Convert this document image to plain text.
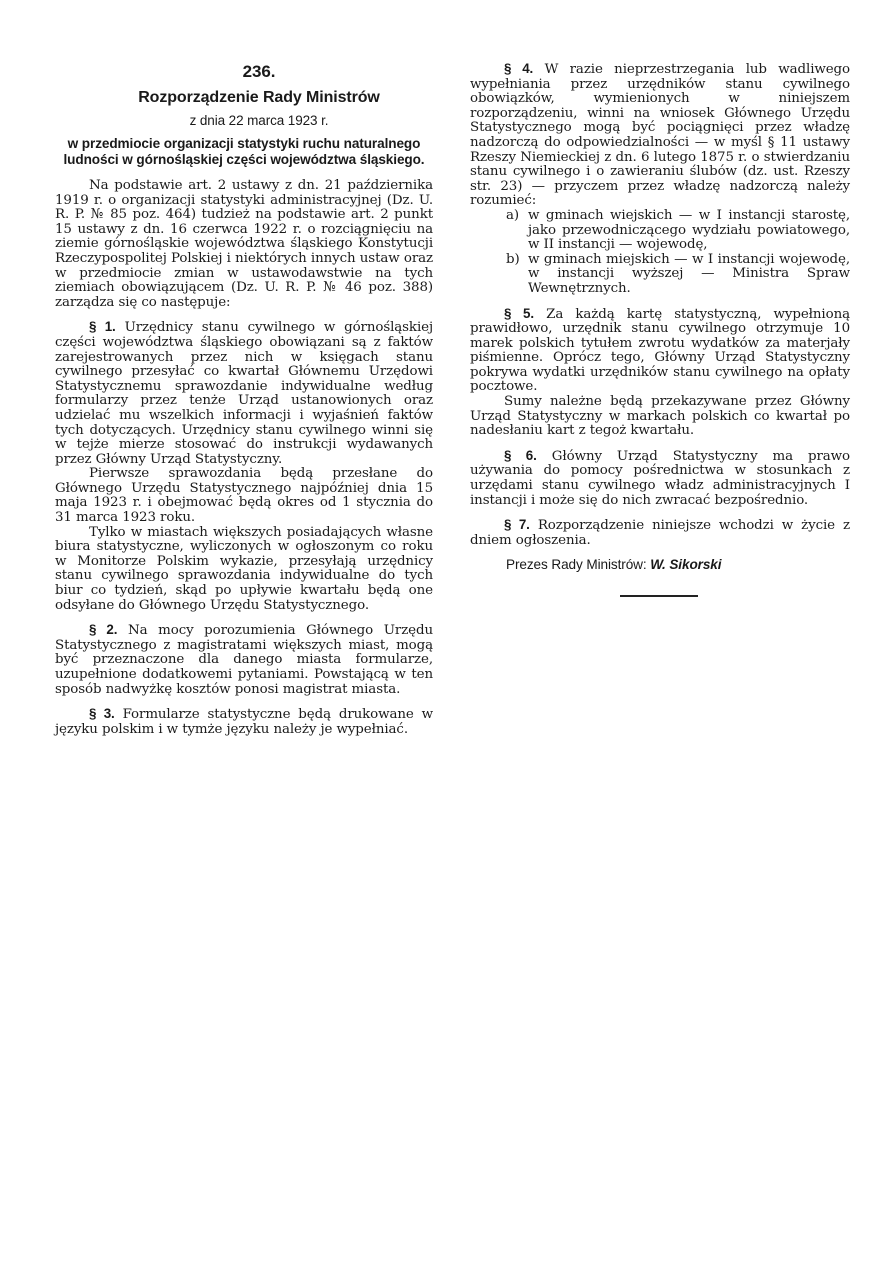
236.
Rozporządzenie Rady Ministrów
z dnia 22 marca 1923 r.
w przedmiocie organizacji statystyki ruchu naturalnego ludności w górnośląskiej części województwa śląskiego.

Na podstawie art. 2 ustawy z dn. 21 października 1919 r. o organizacji statystyki administracyjnej (Dz. U. R. P. № 85 poz. 464) tudzież na podstawie art. 2 punkt 15 ustawy z dn. 16 czerwca 1922 r. o rozciągnięciu na ziemie górnośląskie województwa śląskiego Konstytucji Rzeczypospolitej Polskiej i niektórych innych ustaw oraz w przedmiocie zmian w ustawodawstwie na tych ziemiach obowiązującem (Dz. U. R. P. № 46 poz. 388) zarządza się co następuje:

§ 1. Urzędnicy stanu cywilnego w górnośląskiej części województwa śląskiego obowiązani są z faktów zarejestrowanych przez nich w księgach stanu cywilnego przesyłać co kwartał Głównemu Urzędowi Statystycznemu sprawozdanie indywidualne według formularzy przez tenże Urząd ustanowionych oraz udzielać mu wszelkich informacji i wyjaśnień faktów tych dotyczących. Urzędnicy stanu cywilnego winni się w tejże mierze stosować do instrukcji wydawanych przez Główny Urząd Statystyczny.

Pierwsze sprawozdania będą przesłane do Głównego Urzędu Statystycznego najpóźniej dnia 15 maja 1923 r. i obejmować będą okres od 1 stycznia do 31 marca 1923 roku.

Tylko w miastach większych posiadających własne biura statystyczne, wyliczonych w ogłoszonym co roku w Monitorze Polskim wykazie, przesyłają urzędnicy stanu cywilnego sprawozdania indywidualne do tych biur co tydzień, skąd po upływie kwartału będą one odsyłane do Głównego Urzędu Statystycznego.

§ 2. Na mocy porozumienia Głównego Urzędu Statystycznego z magistratami większych miast, mogą być przeznaczone dla danego miasta formularze, uzupełnione dodatkowemi pytaniami. Powstającą w ten sposób nadwyżkę kosztów ponosi magistrat miasta.

§ 3. Formularze statystyczne będą drukowane w języku polskim i w tymże języku należy je wypełniać.

§ 4. W razie nieprzestrzegania lub wadliwego wypełniania przez urzędników stanu cywilnego obowiązków, wymienionych w niniejszem rozporządzeniu, winni na wniosek Głównego Urzędu Statystycznego mogą być pociągnięci przez władzę nadzorczą do odpowiedzialności — w myśl § 11 ustawy Rzeszy Niemieckiej z dn. 6 lutego 1875 r. o stwierdzaniu stanu cywilnego i o zawieraniu ślubów (dz. ust. Rzeszy str. 23) — przyczem przez władzę nadzorczą należy rozumieć:

a) w gminach wiejskich — w I instancji starostę, jako przewodniczącego wydziału powiatowego, w II instancji — wojewodę,
b) w gminach miejskich — w I instancji wojewodę, w instancji wyższej — Ministra Spraw Wewnętrznych.

§ 5. Za każdą kartę statystyczną, wypełnioną prawidłowo, urzędnik stanu cywilnego otrzymuje 10 marek polskich tytułem zwrotu wydatków za materjały piśmienne. Oprócz tego, Główny Urząd Statystyczny pokrywa wydatki urzędników stanu cywilnego na opłaty pocztowe.

Sumy należne będą przekazywane przez Główny Urząd Statystyczny w markach polskich co kwartał po nadesłaniu kart z tegoż kwartału.

§ 6. Główny Urząd Statystyczny ma prawo używania do pomocy pośrednictwa w stosunkach z urzędami stanu cywilnego władz administracyjnych I instancji i może się do nich zwracać bezpośrednio.

§ 7. Rozporządzenie niniejsze wchodzi w życie z dniem ogłoszenia.

Prezes Rady Ministrów: W. Sikorski
